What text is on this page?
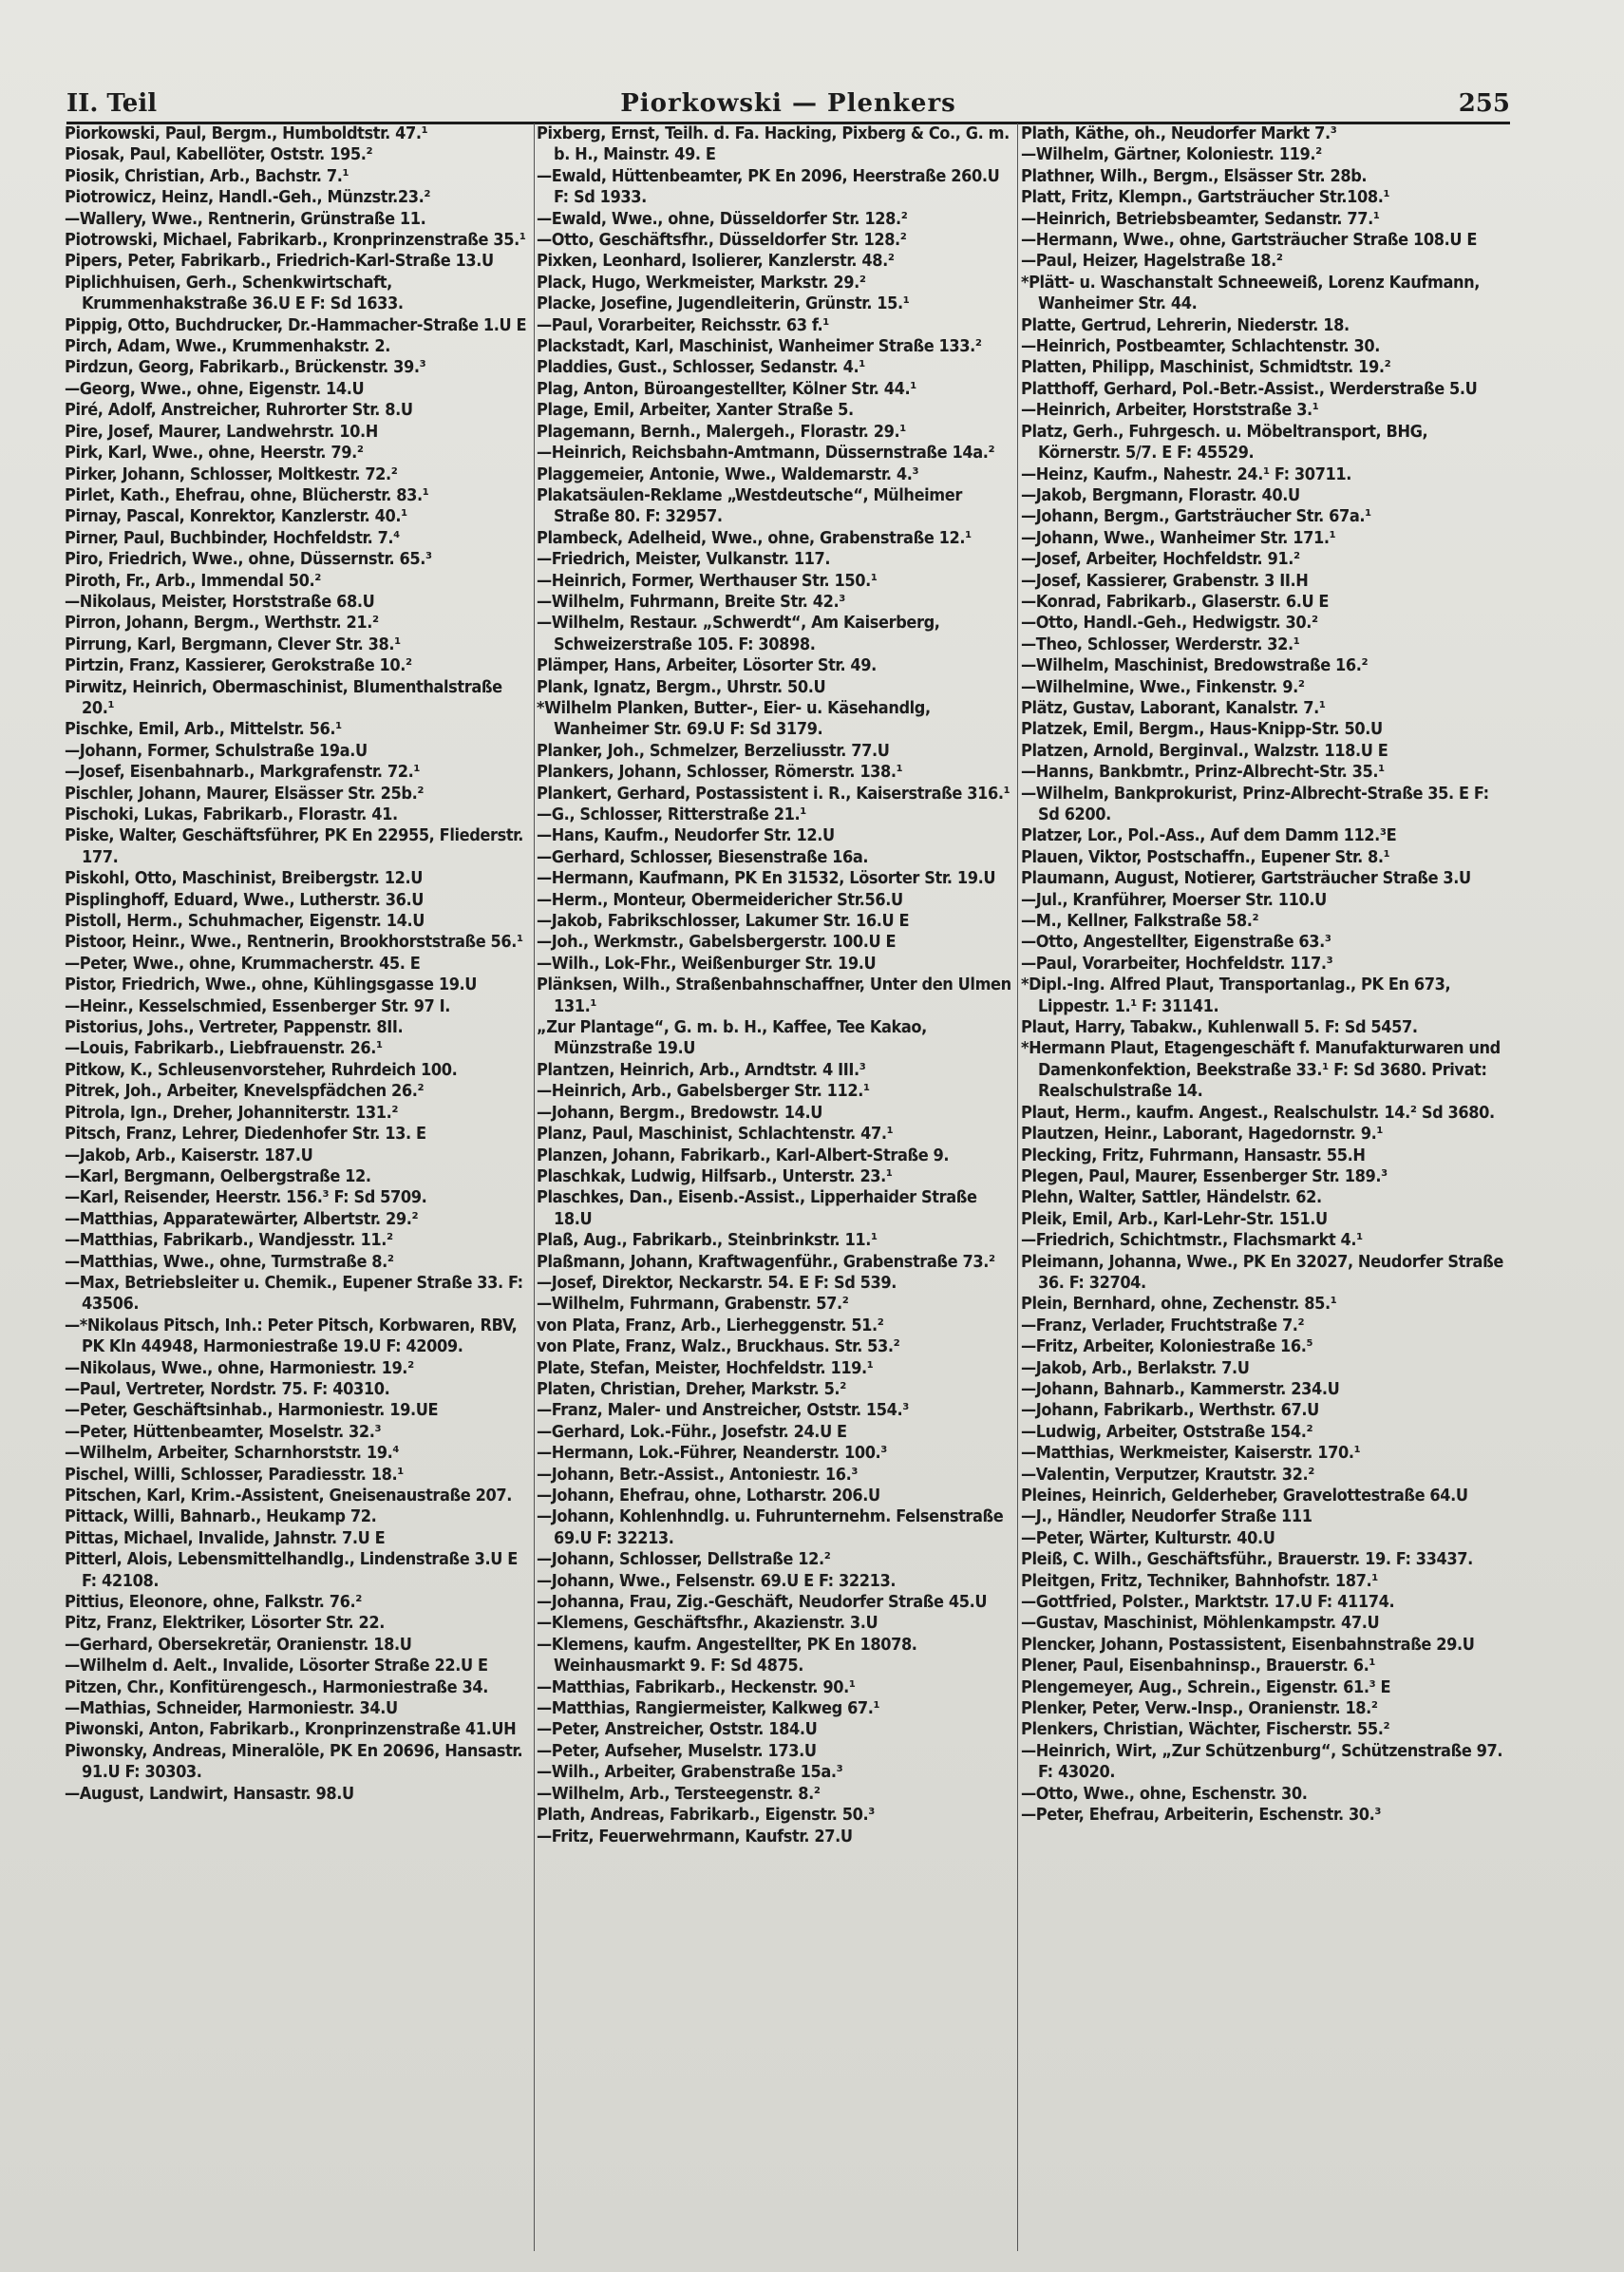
II. Teil	Piorkowski — Plenkers	255

Piorkowski, Paul, Bergm., Humboldtstr. 47.¹

Piosak, Paul, Kabellöter, Oststr. 195.²

Piosik, Christian, Arb., Bachstr. 7.¹

Piotrowicz, Heinz, Handl.-Geh., Münzstr.23.²

—Wallery, Wwe., Rentnerin, Grünstraße 11.

Piotrowski, Michael, Fabrikarb., Kronprinzenstraße 35.¹

Pipers, Peter, Fabrikarb., Friedrich-Karl-Straße 13.U

Piplichhuisen, Gerh., Schenkwirtschaft, Krummenhakstraße 36.U E F: Sd 1633.

Pippig, Otto, Buchdrucker, Dr.-Hammacher-Straße 1.U E

Pirch, Adam, Wwe., Krummenhakstr. 2.

Pirdzun, Georg, Fabrikarb., Brückenstr. 39.³

—Georg, Wwe., ohne, Eigenstr. 14.U

Piré, Adolf, Anstreicher, Ruhrorter Str. 8.U

Pire, Josef, Maurer, Landwehrstr. 10.H

Pirk, Karl, Wwe., ohne, Heerstr. 79.²

Pirker, Johann, Schlosser, Moltkestr. 72.²

Pirlet, Kath., Ehefrau, ohne, Blücherstr. 83.¹

Pirnay, Pascal, Konrektor, Kanzlerstr. 40.¹

Pirner, Paul, Buchbinder, Hochfeldstr. 7.⁴

Piro, Friedrich, Wwe., ohne, Düssernstr. 65.³

Piroth, Fr., Arb., Immendal 50.²

—Nikolaus, Meister, Horststraße 68.U

Pirron, Johann, Bergm., Werthstr. 21.²

Pirrung, Karl, Bergmann, Clever Str. 38.¹

Pirtzin, Franz, Kassierer, Gerokstraße 10.²

Pirwitz, Heinrich, Obermaschinist, Blumenthalstraße 20.¹

Pischke, Emil, Arb., Mittelstr. 56.¹

—Johann, Former, Schulstraße 19a.U

—Josef, Eisenbahnarb., Markgrafenstr. 72.¹

Pischler, Johann, Maurer, Elsässer Str. 25b.²

Pischoki, Lukas, Fabrikarb., Florastr. 41.

Piske, Walter, Geschäftsführer, PK En 22955, Fliederstr. 177.

Piskohl, Otto, Maschinist, Breibergstr. 12.U

Pisplinghoff, Eduard, Wwe., Lutherstr. 36.U

Pistoll, Herm., Schuhmacher, Eigenstr. 14.U

Pistoor, Heinr., Wwe., Rentnerin, Brookhorststraße 56.¹

—Peter, Wwe., ohne, Krummacherstr. 45. E

Pistor, Friedrich, Wwe., ohne, Kühlingsgasse 19.U

—Heinr., Kesselschmied, Essenberger Str. 97 I.

Pistorius, Johs., Vertreter, Pappenstr. 8II.

—Louis, Fabrikarb., Liebfrauenstr. 26.¹

Pitkow, K., Schleusenvorsteher, Ruhrdeich 100.

Pitrek, Joh., Arbeiter, Knevelspfädchen 26.²

Pitrola, Ign., Dreher, Johanniterstr. 131.²

Pitsch, Franz, Lehrer, Diedenhofer Str. 13. E

—Jakob, Arb., Kaiserstr. 187.U

—Karl, Bergmann, Oelbergstraße 12.

—Karl, Reisender, Heerstr. 156.³ F: Sd 5709.

—Matthias, Apparatewärter, Albertstr. 29.²

—Matthias, Fabrikarb., Wandjesstr. 11.²

—Matthias, Wwe., ohne, Turmstraße 8.²

—Max, Betriebsleiter u. Chemik., Eupener Straße 33. F: 43506.

—*Nikolaus Pitsch, Inh.: Peter Pitsch, Korbwaren, RBV, PK Kln 44948, Harmoniestraße 19.U F: 42009.

—Nikolaus, Wwe., ohne, Harmoniestr. 19.²

—Paul, Vertreter, Nordstr. 75. F: 40310.

—Peter, Geschäftsinhab., Harmoniestr. 19.UE

—Peter, Hüttenbeamter, Moselstr. 32.³

—Wilhelm, Arbeiter, Scharnhorststr. 19.⁴

Pischel, Willi, Schlosser, Paradiesstr. 18.¹

Pitschen, Karl, Krim.-Assistent, Gneisenaustraße 207.

Pittack, Willi, Bahnarb., Heukamp 72.

Pittas, Michael, Invalide, Jahnstr. 7.U E

Pitterl, Alois, Lebensmittelhandlg., Lindenstraße 3.U E F: 42108.

Pittius, Eleonore, ohne, Falkstr. 76.²

Pitz, Franz, Elektriker, Lösorter Str. 22.

—Gerhard, Obersekretär, Oranienstr. 18.U

—Wilhelm d. Aelt., Invalide, Lösorter Straße 22.U E

Pitzen, Chr., Konfitürengesch., Harmoniestraße 34.

—Mathias, Schneider, Harmoniestr. 34.U

Piwonski, Anton, Fabrikarb., Kronprinzenstraße 41.UH

Piwonsky, Andreas, Mineralöle, PK En 20696, Hansastr. 91.U F: 30303.

—August, Landwirt, Hansastr. 98.U

Pixberg, Ernst, Teilh. d. Fa. Hacking, Pixberg & Co., G. m. b. H., Mainstr. 49. E

—Ewald, Hüttenbeamter, PK En 2096, Heerstraße 260.U F: Sd 1933.

—Ewald, Wwe., ohne, Düsseldorfer Str. 128.²

—Otto, Geschäftsfhr., Düsseldorfer Str. 128.²

Pixken, Leonhard, Isolierer, Kanzlerstr. 48.²

Plack, Hugo, Werkmeister, Markstr. 29.²

Placke, Josefine, Jugendleiterin, Grünstr. 15.¹

—Paul, Vorarbeiter, Reichsstr. 63 f.¹

Plackstadt, Karl, Maschinist, Wanheimer Straße 133.²

Pladdies, Gust., Schlosser, Sedanstr. 4.¹

Plag, Anton, Büroangestellter, Kölner Str. 44.¹

Plage, Emil, Arbeiter, Xanter Straße 5.

Plagemann, Bernh., Malergeh., Florastr. 29.¹

—Heinrich, Reichsbahn-Amtmann, Düssernstraße 14a.²

Plaggemeier, Antonie, Wwe., Waldemarstr. 4.³

Plakatsäulen-Reklame „Westdeutsche“, Mülheimer Straße 80. F: 32957.

Plambeck, Adelheid, Wwe., ohne, Grabenstraße 12.¹

—Friedrich, Meister, Vulkanstr. 117.

—Heinrich, Former, Werthauser Str. 150.¹

—Wilhelm, Fuhrmann, Breite Str. 42.³

—Wilhelm, Restaur. „Schwerdt“, Am Kaiserberg, Schweizerstraße 105. F: 30898.

Plämper, Hans, Arbeiter, Lösorter Str. 49.

Plank, Ignatz, Bergm., Uhrstr. 50.U

*Wilhelm Planken, Butter-, Eier- u. Käsehandlg, Wanheimer Str. 69.U F: Sd 3179.

Planker, Joh., Schmelzer, Berzeliusstr. 77.U

Plankers, Johann, Schlosser, Römerstr. 138.¹

Plankert, Gerhard, Postassistent i. R., Kaiserstraße 316.¹

—G., Schlosser, Ritterstraße 21.¹

—Hans, Kaufm., Neudorfer Str. 12.U

—Gerhard, Schlosser, Biesenstraße 16a.

—Hermann, Kaufmann, PK En 31532, Lösorter Str. 19.U

—Herm., Monteur, Obermeidericher Str.56.U

—Jakob, Fabrikschlosser, Lakumer Str. 16.U E

—Joh., Werkmstr., Gabelsbergerstr. 100.U E

—Wilh., Lok-Fhr., Weißenburger Str. 19.U

Plänksen, Wilh., Straßenbahnschaffner, Unter den Ulmen 131.¹

„Zur Plantage“, G. m. b. H., Kaffee, Tee Kakao, Münzstraße 19.U

Plantzen, Heinrich, Arb., Arndtstr. 4 III.³

—Heinrich, Arb., Gabelsberger Str. 112.¹

—Johann, Bergm., Bredowstr. 14.U

Planz, Paul, Maschinist, Schlachtenstr. 47.¹

Planzen, Johann, Fabrikarb., Karl-Albert-Straße 9.

Plaschkak, Ludwig, Hilfsarb., Unterstr. 23.¹

Plaschkes, Dan., Eisenb.-Assist., Lipperhaider Straße 18.U

Plaß, Aug., Fabrikarb., Steinbrinkstr. 11.¹

Plaßmann, Johann, Kraftwagenführ., Grabenstraße 73.²

—Josef, Direktor, Neckarstr. 54. E F: Sd 539.

—Wilhelm, Fuhrmann, Grabenstr. 57.²

von Plata, Franz, Arb., Lierheggenstr. 51.²

von Plate, Franz, Walz., Bruckhaus. Str. 53.²

Plate, Stefan, Meister, Hochfeldstr. 119.¹

Platen, Christian, Dreher, Markstr. 5.²

—Franz, Maler- und Anstreicher, Oststr. 154.³

—Gerhard, Lok.-Führ., Josefstr. 24.U E

—Hermann, Lok.-Führer, Neanderstr. 100.³

—Johann, Betr.-Assist., Antoniestr. 16.³

—Johann, Ehefrau, ohne, Lotharstr. 206.U

—Johann, Kohlenhndlg. u. Fuhrunternehm. Felsenstraße 69.U F: 32213.

—Johann, Schlosser, Dellstraße 12.²

—Johann, Wwe., Felsenstr. 69.U E F: 32213.

—Johanna, Frau, Zig.-Geschäft, Neudorfer Straße 45.U

—Klemens, Geschäftsfhr., Akazienstr. 3.U

—Klemens, kaufm. Angestellter, PK En 18078. Weinhausmarkt 9. F: Sd 4875.

—Matthias, Fabrikarb., Heckenstr. 90.¹

—Matthias, Rangiermeister, Kalkweg 67.¹

—Peter, Anstreicher, Oststr. 184.U

—Peter, Aufseher, Muselstr. 173.U

—Wilh., Arbeiter, Grabenstraße 15a.³

—Wilhelm, Arb., Tersteegenstr. 8.²

Plath, Andreas, Fabrikarb., Eigenstr. 50.³

—Fritz, Feuerwehrmann, Kaufstr. 27.U

Plath, Käthe, oh., Neudorfer Markt 7.³

—Wilhelm, Gärtner, Koloniestr. 119.²

Plathner, Wilh., Bergm., Elsässer Str. 28b.

Platt, Fritz, Klempn., Gartsträucher Str.108.¹

—Heinrich, Betriebsbeamter, Sedanstr. 77.¹

—Hermann, Wwe., ohne, Gartsträucher Straße 108.U E

—Paul, Heizer, Hagelstraße 18.²

*Plätt- u. Waschanstalt Schneeweiß, Lorenz Kaufmann, Wanheimer Str. 44.

Platte, Gertrud, Lehrerin, Niederstr. 18.

—Heinrich, Postbeamter, Schlachtenstr. 30.

Platten, Philipp, Maschinist, Schmidtstr. 19.²

Platthoff, Gerhard, Pol.-Betr.-Assist., Werderstraße 5.U

—Heinrich, Arbeiter, Horststraße 3.¹

Platz, Gerh., Fuhrgesch. u. Möbeltransport, BHG, Körnerstr. 5/7. E F: 45529.

—Heinz, Kaufm., Nahestr. 24.¹ F: 30711.

—Jakob, Bergmann, Florastr. 40.U

—Johann, Bergm., Gartsträucher Str. 67a.¹

—Johann, Wwe., Wanheimer Str. 171.¹

—Josef, Arbeiter, Hochfeldstr. 91.²

—Josef, Kassierer, Grabenstr. 3 II.H

—Konrad, Fabrikarb., Glaserstr. 6.U E

—Otto, Handl.-Geh., Hedwigstr. 30.²

—Theo, Schlosser, Werderstr. 32.¹

—Wilhelm, Maschinist, Bredowstraße 16.²

—Wilhelmine, Wwe., Finkenstr. 9.²

Plätz, Gustav, Laborant, Kanalstr. 7.¹

Platzek, Emil, Bergm., Haus-Knipp-Str. 50.U

Platzen, Arnold, Berginval., Walzstr. 118.U E

—Hanns, Bankbmtr., Prinz-Albrecht-Str. 35.¹

—Wilhelm, Bankprokurist, Prinz-Albrecht-Straße 35. E F: Sd 6200.

Platzer, Lor., Pol.-Ass., Auf dem Damm 112.³E

Plauen, Viktor, Postschaffn., Eupener Str. 8.¹

Plaumann, August, Notierer, Gartsträucher Straße 3.U

—Jul., Kranführer, Moerser Str. 110.U

—M., Kellner, Falkstraße 58.²

—Otto, Angestellter, Eigenstraße 63.³

—Paul, Vorarbeiter, Hochfeldstr. 117.³

*Dipl.-Ing. Alfred Plaut, Transportanlag., PK En 673, Lippestr. 1.¹ F: 31141.

Plaut, Harry, Tabakw., Kuhlenwall 5. F: Sd 5457.

*Hermann Plaut, Etagengeschäft f. Manufakturwaren und Damenkonfektion, Beekstraße 33.¹ F: Sd 3680. Privat: Realschulstraße 14.

Plaut, Herm., kaufm. Angest., Realschulstr. 14.² Sd 3680.

Plautzen, Heinr., Laborant, Hagedornstr. 9.¹

Plecking, Fritz, Fuhrmann, Hansastr. 55.H

Plegen, Paul, Maurer, Essenberger Str. 189.³

Plehn, Walter, Sattler, Händelstr. 62.

Pleik, Emil, Arb., Karl-Lehr-Str. 151.U

—Friedrich, Schichtmstr., Flachsmarkt 4.¹

Pleimann, Johanna, Wwe., PK En 32027, Neudorfer Straße 36. F: 32704.

Plein, Bernhard, ohne, Zechenstr. 85.¹

—Franz, Verlader, Fruchtstraße 7.²

—Fritz, Arbeiter, Koloniestraße 16.⁵

—Jakob, Arb., Berlakstr. 7.U

—Johann, Bahnarb., Kammerstr. 234.U

—Johann, Fabrikarb., Werthstr. 67.U

—Ludwig, Arbeiter, Oststraße 154.²

—Matthias, Werkmeister, Kaiserstr. 170.¹

—Valentin, Verputzer, Krautstr. 32.²

Pleines, Heinrich, Gelderheber, Gravelottestraße 64.U

—J., Händler, Neudorfer Straße 111

—Peter, Wärter, Kulturstr. 40.U

Pleiß, C. Wilh., Geschäftsführ., Brauerstr. 19. F: 33437.

Pleitgen, Fritz, Techniker, Bahnhofstr. 187.¹

—Gottfried, Polster., Marktstr. 17.U F: 41174.

—Gustav, Maschinist, Möhlenkampstr. 47.U

Plencker, Johann, Postassistent, Eisenbahnstraße 29.U

Plener, Paul, Eisenbahninsp., Brauerstr. 6.¹

Plengemeyer, Aug., Schrein., Eigenstr. 61.³ E

Plenker, Peter, Verw.-Insp., Oranienstr. 18.²

Plenkers, Christian, Wächter, Fischerstr. 55.²

—Heinrich, Wirt, „Zur Schützenburg“, Schützenstraße 97. F: 43020.

—Otto, Wwe., ohne, Eschenstr. 30.

—Peter, Ehefrau, Arbeiterin, Eschenstr. 30.³
